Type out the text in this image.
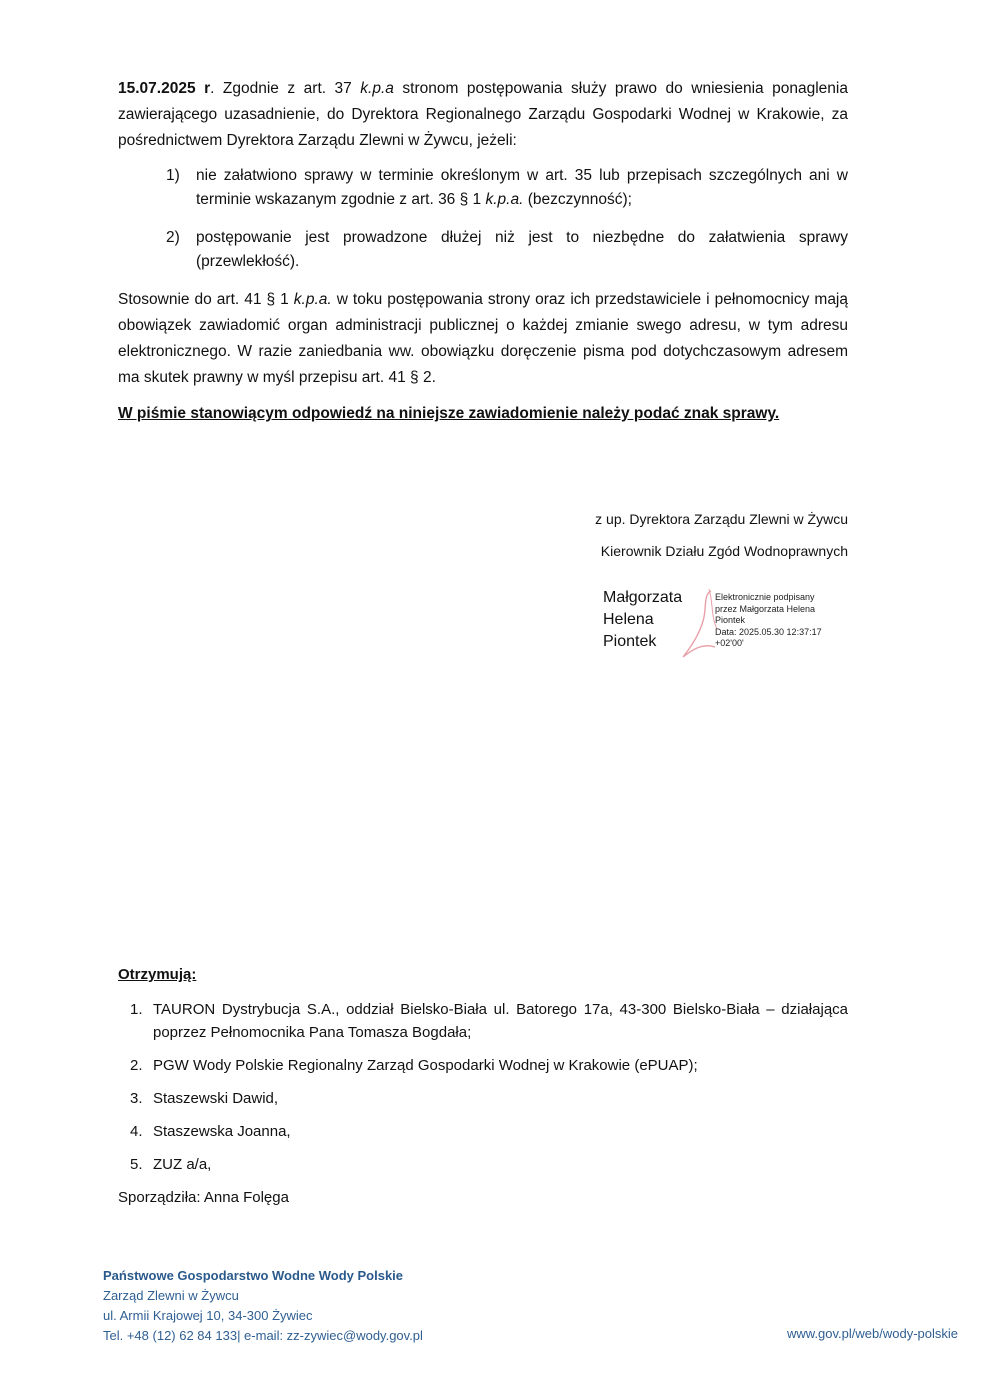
15.07.2025 r. Zgodnie z art. 37 k.p.a stronom postępowania służy prawo do wniesienia ponaglenia zawierającego uzasadnienie, do Dyrektora Regionalnego Zarządu Gospodarki Wodnej w Krakowie, za pośrednictwem Dyrektora Zarządu Zlewni w Żywcu, jeżeli:
1) nie załatwiono sprawy w terminie określonym w art. 35 lub przepisach szczególnych ani w terminie wskazanym zgodnie z art. 36 § 1 k.p.a. (bezczynność);
2) postępowanie jest prowadzone dłużej niż jest to niezbędne do załatwienia sprawy (przewlekłość).
Stosownie do art. 41 § 1 k.p.a. w toku postępowania strony oraz ich przedstawiciele i pełnomocnicy mają obowiązek zawiadomić organ administracji publicznej o każdej zmianie swego adresu, w tym adresu elektronicznego. W razie zaniedbania ww. obowiązku doręczenie pisma pod dotychczasowym adresem ma skutek prawny w myśl przepisu art. 41 § 2.
W piśmie stanowiącym odpowiedź na niniejsze zawiadomienie należy podać znak sprawy.
z up. Dyrektora Zarządu Zlewni w Żywcu
Kierownik Działu Zgód Wodnoprawnych
Małgorzata
Helena
Piontek
Elektronicznie podpisany
przez Małgorzata Helena
Piontek
Data: 2025.05.30 12:37:17
+02'00'
Otrzymują:
1. TAURON Dystrybucja S.A., oddział Bielsko-Biała ul. Batorego 17a, 43-300 Bielsko-Biała – działająca poprzez Pełnomocnika Pana Tomasza Bogdała;
2. PGW Wody Polskie Regionalny Zarząd Gospodarki Wodnej w Krakowie (ePUAP);
3. Staszewski Dawid,
4. Staszewska Joanna,
5. ZUZ a/a,
Sporządziła: Anna Folęga
Państwowe Gospodarstwo Wodne Wody Polskie
Zarząd Zlewni w Żywcu
ul. Armii Krajowej 10, 34-300 Żywiec
Tel. +48 (12) 62 84 133| e-mail: zz-zywiec@wody.gov.pl	www.gov.pl/web/wody-polskie
